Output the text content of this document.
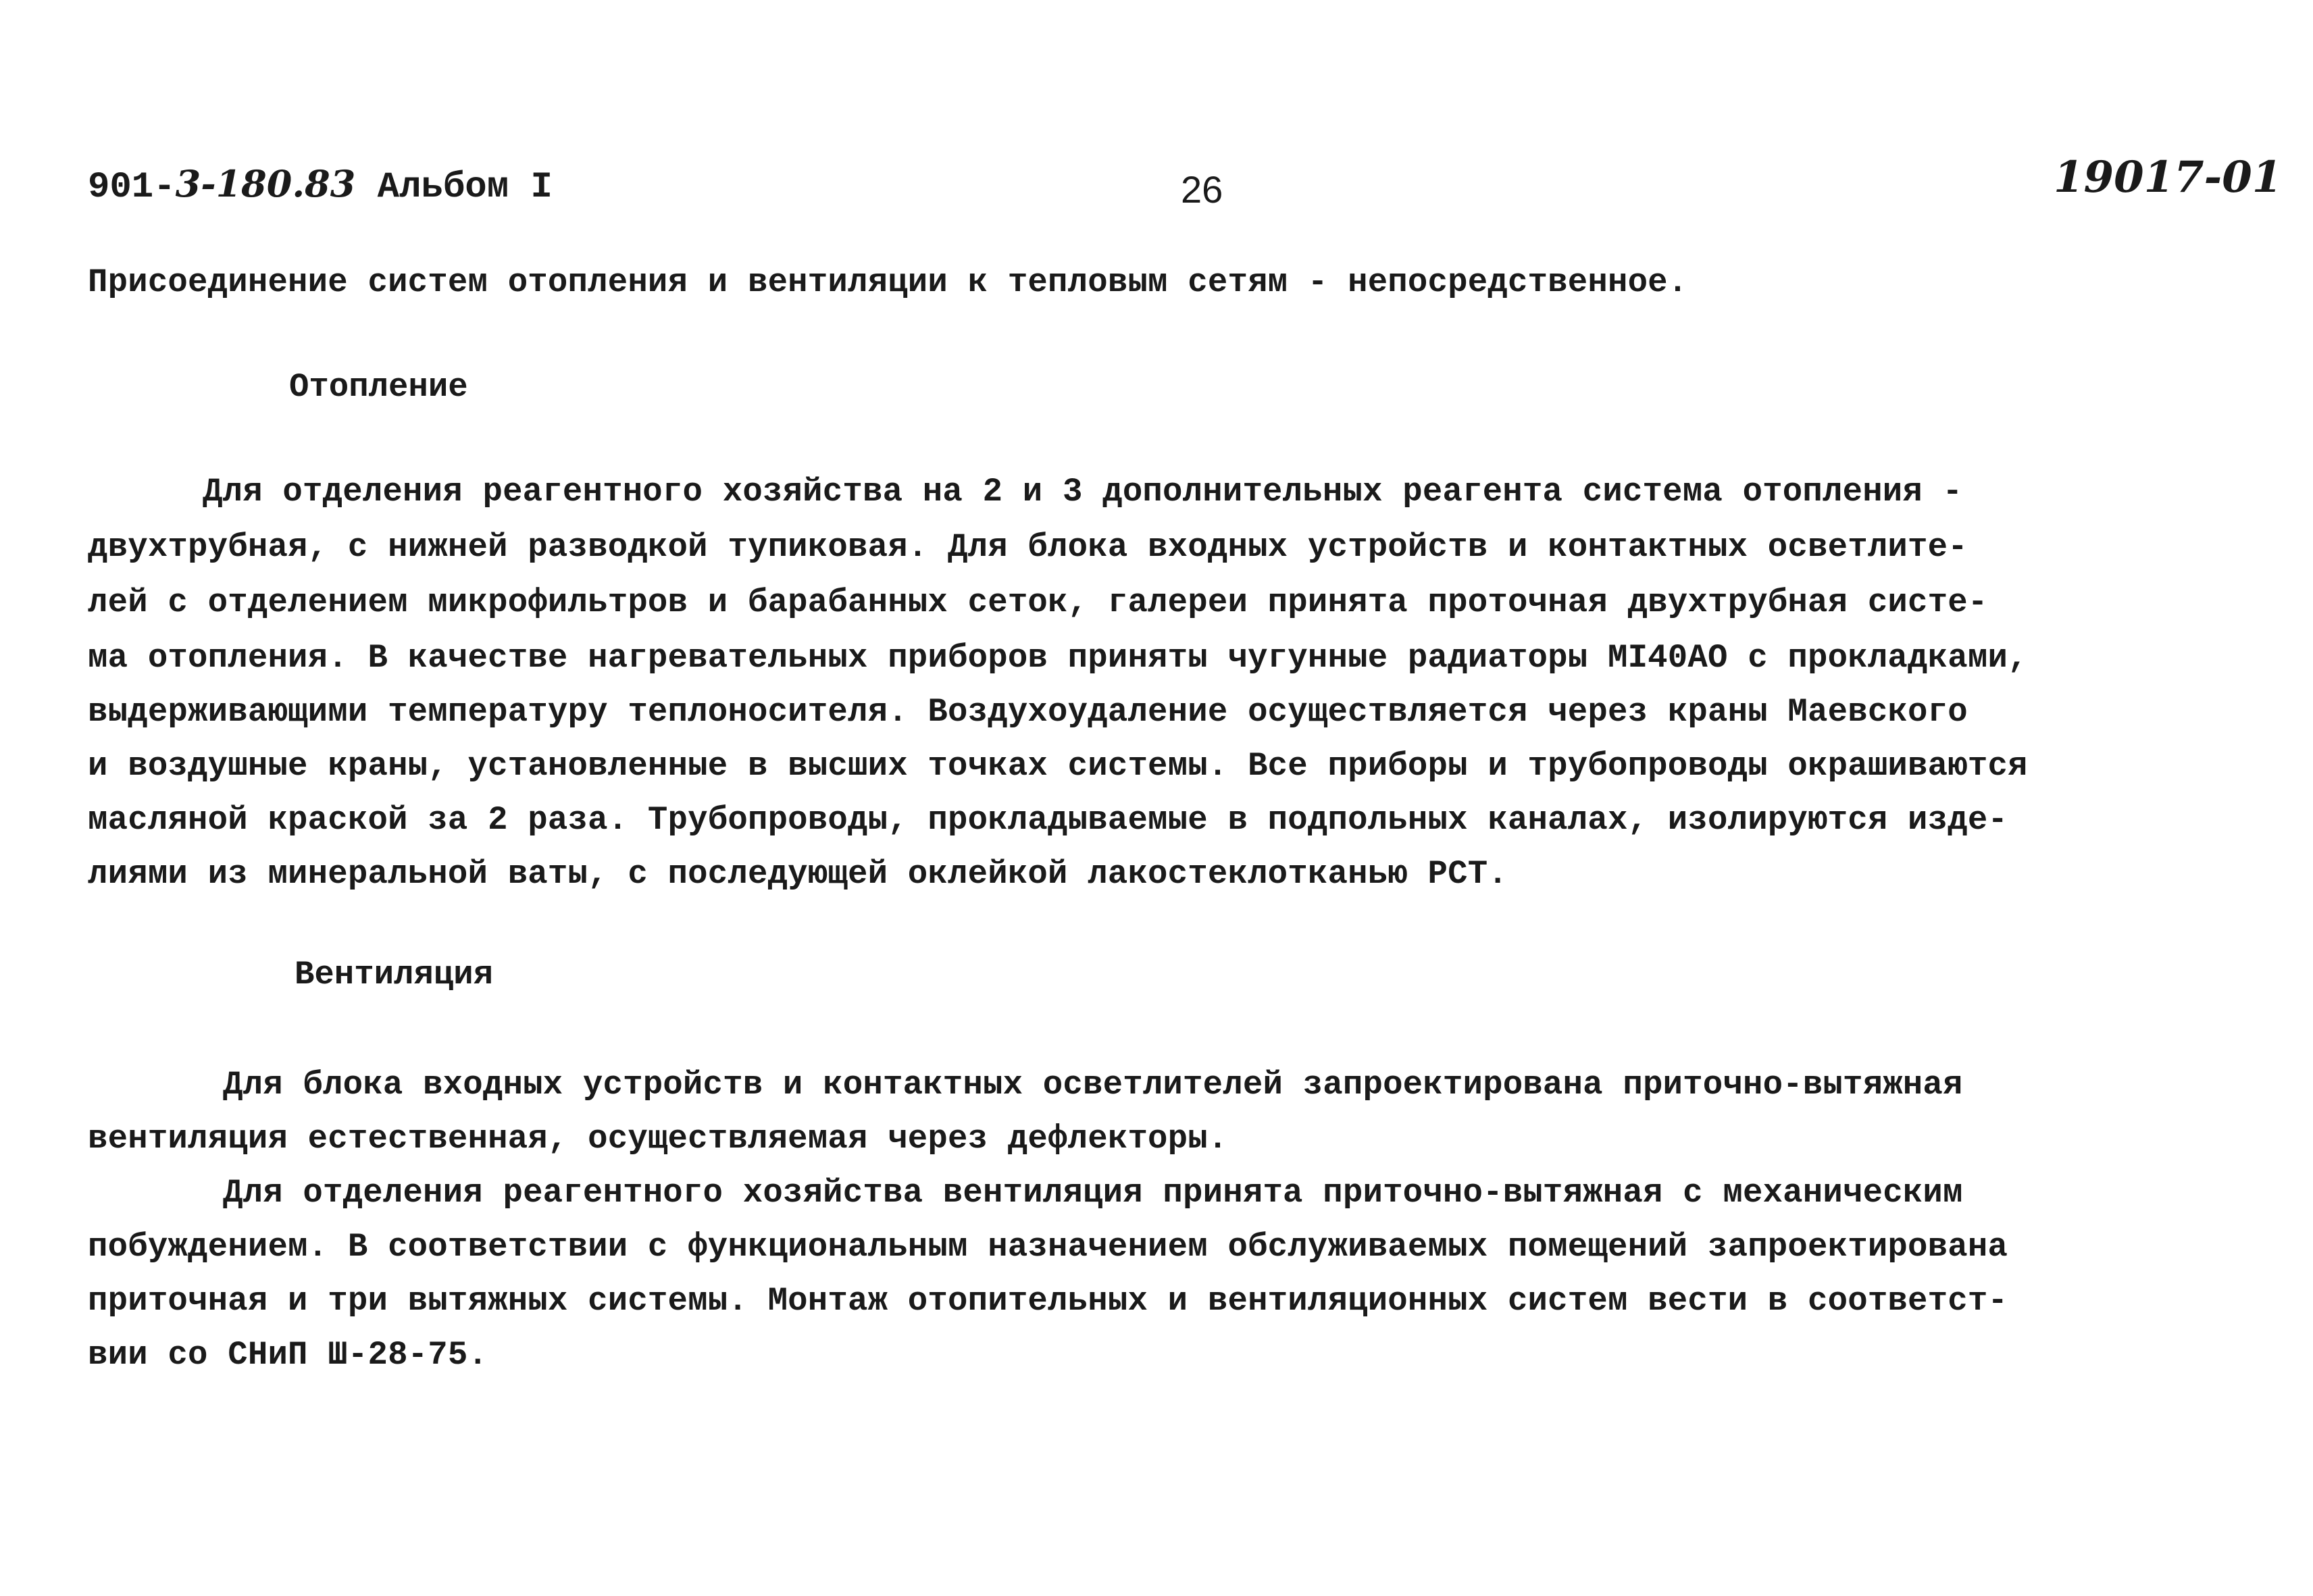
901-3-180.83 Альбом I	26	19017-01
Присоединение систем отопления и вентиляции к тепловым сетям - непосредственное.
Отопление
Для отделения реагентного хозяйства на 2 и 3 дополнительных реагента система отопления -
двухтрубная, с нижней разводкой тупиковая. Для блока входных устройств и контактных осветлите-
лей с отделением микрофильтров и барабанных сеток, галереи принята проточная двухтрубная систе-
ма отопления. В качестве нагревательных приборов приняты чугунные радиаторы МI40АО с прокладками,
выдерживающими температуру теплоносителя. Воздухоудаление осуществляется через краны Маевского
и воздушные краны, установленные в высших точках системы. Все приборы и трубопроводы окрашиваются
масляной краской за 2 раза. Трубопроводы, прокладываемые в подпольных каналах, изолируются изде-
лиями из минеральной ваты, с последующей оклейкой лакостеклотканью РСТ.
Вентиляция
Для блока входных устройств и контактных осветлителей запроектирована приточно-вытяжная
вентиляция естественная, осуществляемая через дефлекторы.
Для отделения реагентного хозяйства вентиляция принята приточно-вытяжная с механическим
побуждением. В соответствии с функциональным назначением обслуживаемых помещений запроектирована
приточная и три вытяжных системы. Монтаж отопительных и вентиляционных систем вести в соответст-
вии со СНиП Ш-28-75.
